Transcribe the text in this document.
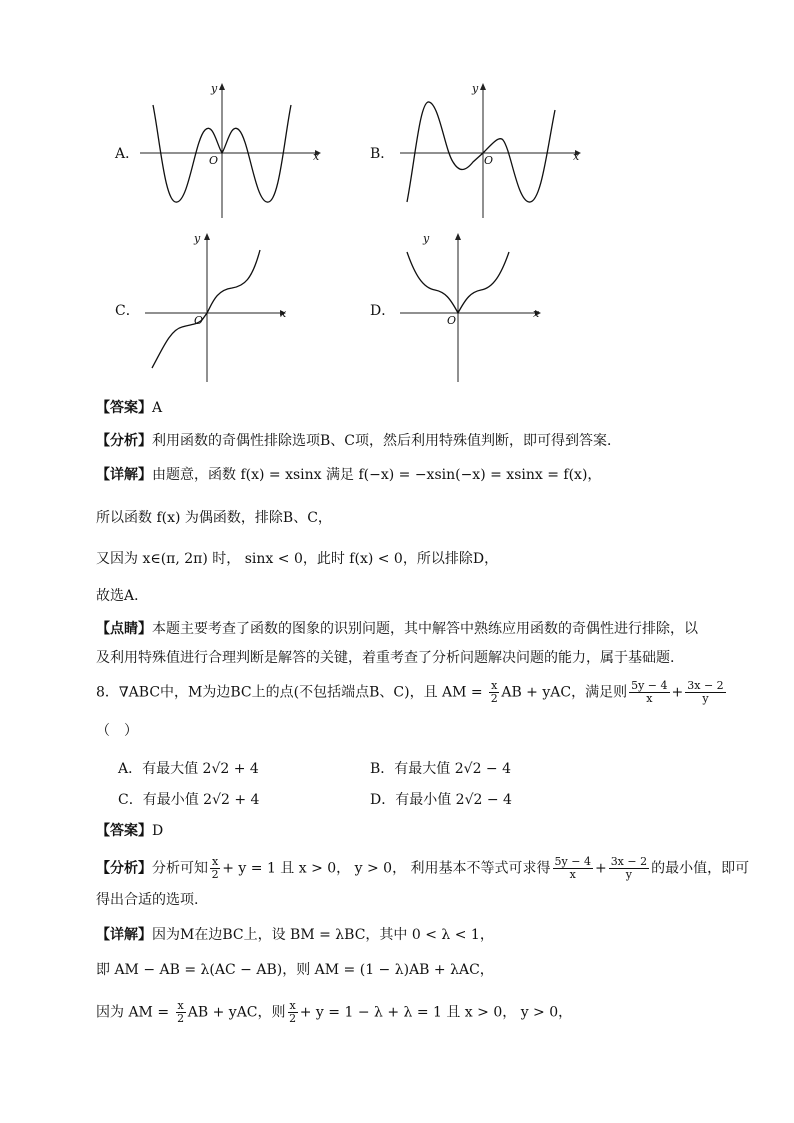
A．	x
y
O	B．	x
y
O
C．	x
y
O
D．	x
y
O
【答案】A
【分析】利用函数的奇偶性排除选项B、C项，然后利用特殊值判断，即可得到答案．
【详解】由题意，函数 f(x) = xsinx 满足 f(−x) = −xsin(−x) = xsinx = f(x)，
所以函数 f(x) 为偶函数，排除B、C，
又因为 x∈(π, 2π) 时， sinx < 0，此时 f(x) < 0，所以排除D，
故选A．
【点睛】本题主要考查了函数的图象的识别问题，其中解答中熟练应用函数的奇偶性进行排除，以
及利用特殊值进行合理判断是解答的关键，着重考查了分析问题解决问题的能力，属于基础题.
8．∇ABC中，M为边BC上的点(不包括端点B、C)，且 AM = $\frac{x}{2}$ AB + yAC，满足则 $\frac{5y - 4}{x} + \frac{3x - 2}{y}$
（　）
A．有最大值 2√2 + 4	B．有最大值 2√2 − 4
C．有最小值 2√2 + 4	D．有最小值 2√2 − 4
【答案】D
【分析】分析可知 $\frac{x}{2} + y = 1$ 且 x > 0， y > 0， 利用基本不等式可求得 $\frac{5y - 4}{x} + \frac{3x - 2}{y}$ 的最小值，即可
得出合适的选项.
【详解】因为M在边BC上，设 BM = λBC，其中 0 < λ < 1，
即 AM − AB = λ(AC − AB)，则 AM = (1 − λ)AB + λAC，
因为 AM = $\frac{x}{2}$ AB + yAC，则 $\frac{x}{2} + y = 1 - \lambda + \lambda = 1$ 且 x > 0， y > 0，
